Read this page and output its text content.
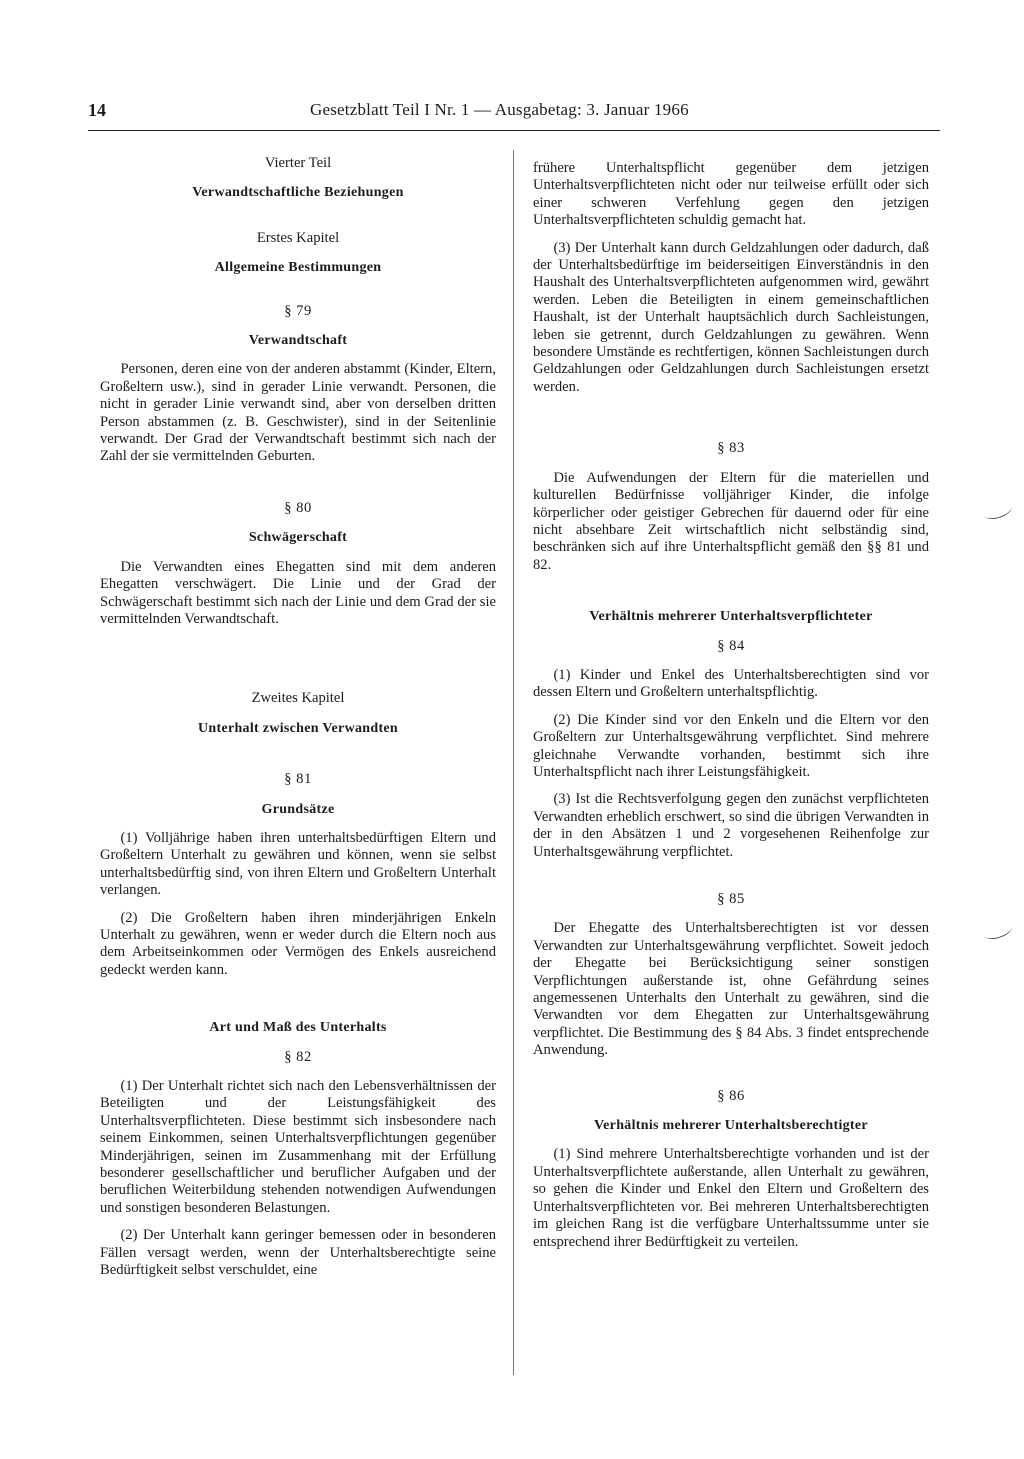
14	Gesetzblatt Teil I Nr. 1 — Ausgabetag: 3. Januar 1966

Vierter Teil

Verwandtschaftliche Beziehungen

Erstes Kapitel

Allgemeine Bestimmungen

§ 79

Verwandtschaft

Personen, deren eine von der anderen abstammt (Kinder, Eltern, Großeltern usw.), sind in gerader Linie verwandt. Personen, die nicht in gerader Linie verwandt sind, aber von derselben dritten Person abstammen (z. B. Geschwister), sind in der Seitenlinie verwandt. Der Grad der Verwandtschaft bestimmt sich nach der Zahl der sie vermittelnden Geburten.

§ 80

Schwägerschaft

Die Verwandten eines Ehegatten sind mit dem anderen Ehegatten verschwägert. Die Linie und der Grad der Schwägerschaft bestimmt sich nach der Linie und dem Grad der sie vermittelnden Verwandtschaft.

Zweites Kapitel

Unterhalt zwischen Verwandten

§ 81

Grundsätze

(1) Volljährige haben ihren unterhaltsbedürftigen Eltern und Großeltern Unterhalt zu gewähren und können, wenn sie selbst unterhaltsbedürftig sind, von ihren Eltern und Großeltern Unterhalt verlangen.

(2) Die Großeltern haben ihren minderjährigen Enkeln Unterhalt zu gewähren, wenn er weder durch die Eltern noch aus dem Arbeitseinkommen oder Vermögen des Enkels ausreichend gedeckt werden kann.

Art und Maß des Unterhalts

§ 82

(1) Der Unterhalt richtet sich nach den Lebensverhältnissen der Beteiligten und der Leistungsfähigkeit des Unterhaltsverpflichteten. Diese bestimmt sich insbesondere nach seinem Einkommen, seinen Unterhaltsverpflichtungen gegenüber Minderjährigen, seinen im Zusammenhang mit der Erfüllung besonderer gesellschaftlicher und beruflicher Aufgaben und der beruflichen Weiterbildung stehenden notwendigen Aufwendungen und sonstigen besonderen Belastungen.

(2) Der Unterhalt kann geringer bemessen oder in besonderen Fällen versagt werden, wenn der Unterhaltsberechtigte seine Bedürftigkeit selbst verschuldet, eine

frühere Unterhaltspflicht gegenüber dem jetzigen Unterhaltsverpflichteten nicht oder nur teilweise erfüllt oder sich einer schweren Verfehlung gegen den jetzigen Unterhaltsverpflichteten schuldig gemacht hat.

(3) Der Unterhalt kann durch Geldzahlungen oder dadurch, daß der Unterhaltsbedürftige im beiderseitigen Einverständnis in den Haushalt des Unterhaltsverpflichteten aufgenommen wird, gewährt werden. Leben die Beteiligten in einem gemeinschaftlichen Haushalt, ist der Unterhalt hauptsächlich durch Sachleistungen, leben sie getrennt, durch Geldzahlungen zu gewähren. Wenn besondere Umstände es rechtfertigen, können Sachleistungen durch Geldzahlungen oder Geldzahlungen durch Sachleistungen ersetzt werden.

§ 83

Die Aufwendungen der Eltern für die materiellen und kulturellen Bedürfnisse volljähriger Kinder, die infolge körperlicher oder geistiger Gebrechen für dauernd oder für eine nicht absehbare Zeit wirtschaftlich nicht selbständig sind, beschränken sich auf ihre Unterhaltspflicht gemäß den §§ 81 und 82.

Verhältnis mehrerer Unterhaltsverpflichteter

§ 84

(1) Kinder und Enkel des Unterhaltsberechtigten sind vor dessen Eltern und Großeltern unterhaltspflichtig.

(2) Die Kinder sind vor den Enkeln und die Eltern vor den Großeltern zur Unterhaltsgewährung verpflichtet. Sind mehrere gleichnahe Verwandte vorhanden, bestimmt sich ihre Unterhaltspflicht nach ihrer Leistungsfähigkeit.

(3) Ist die Rechtsverfolgung gegen den zunächst verpflichteten Verwandten erheblich erschwert, so sind die übrigen Verwandten in der in den Absätzen 1 und 2 vorgesehenen Reihenfolge zur Unterhaltsgewährung verpflichtet.

§ 85

Der Ehegatte des Unterhaltsberechtigten ist vor dessen Verwandten zur Unterhaltsgewährung verpflichtet. Soweit jedoch der Ehegatte bei Berücksichtigung seiner sonstigen Verpflichtungen außerstande ist, ohne Gefährdung seines angemessenen Unterhalts den Unterhalt zu gewähren, sind die Verwandten vor dem Ehegatten zur Unterhaltsgewährung verpflichtet. Die Bestimmung des § 84 Abs. 3 findet entsprechende Anwendung.

§ 86

Verhältnis mehrerer Unterhaltsberechtigter

(1) Sind mehrere Unterhaltsberechtigte vorhanden und ist der Unterhaltsverpflichtete außerstande, allen Unterhalt zu gewähren, so gehen die Kinder und Enkel den Eltern und Großeltern des Unterhaltsverpflichteten vor. Bei mehreren Unterhaltsberechtigten im gleichen Rang ist die verfügbare Unterhaltssumme unter sie entsprechend ihrer Bedürftigkeit zu verteilen.
